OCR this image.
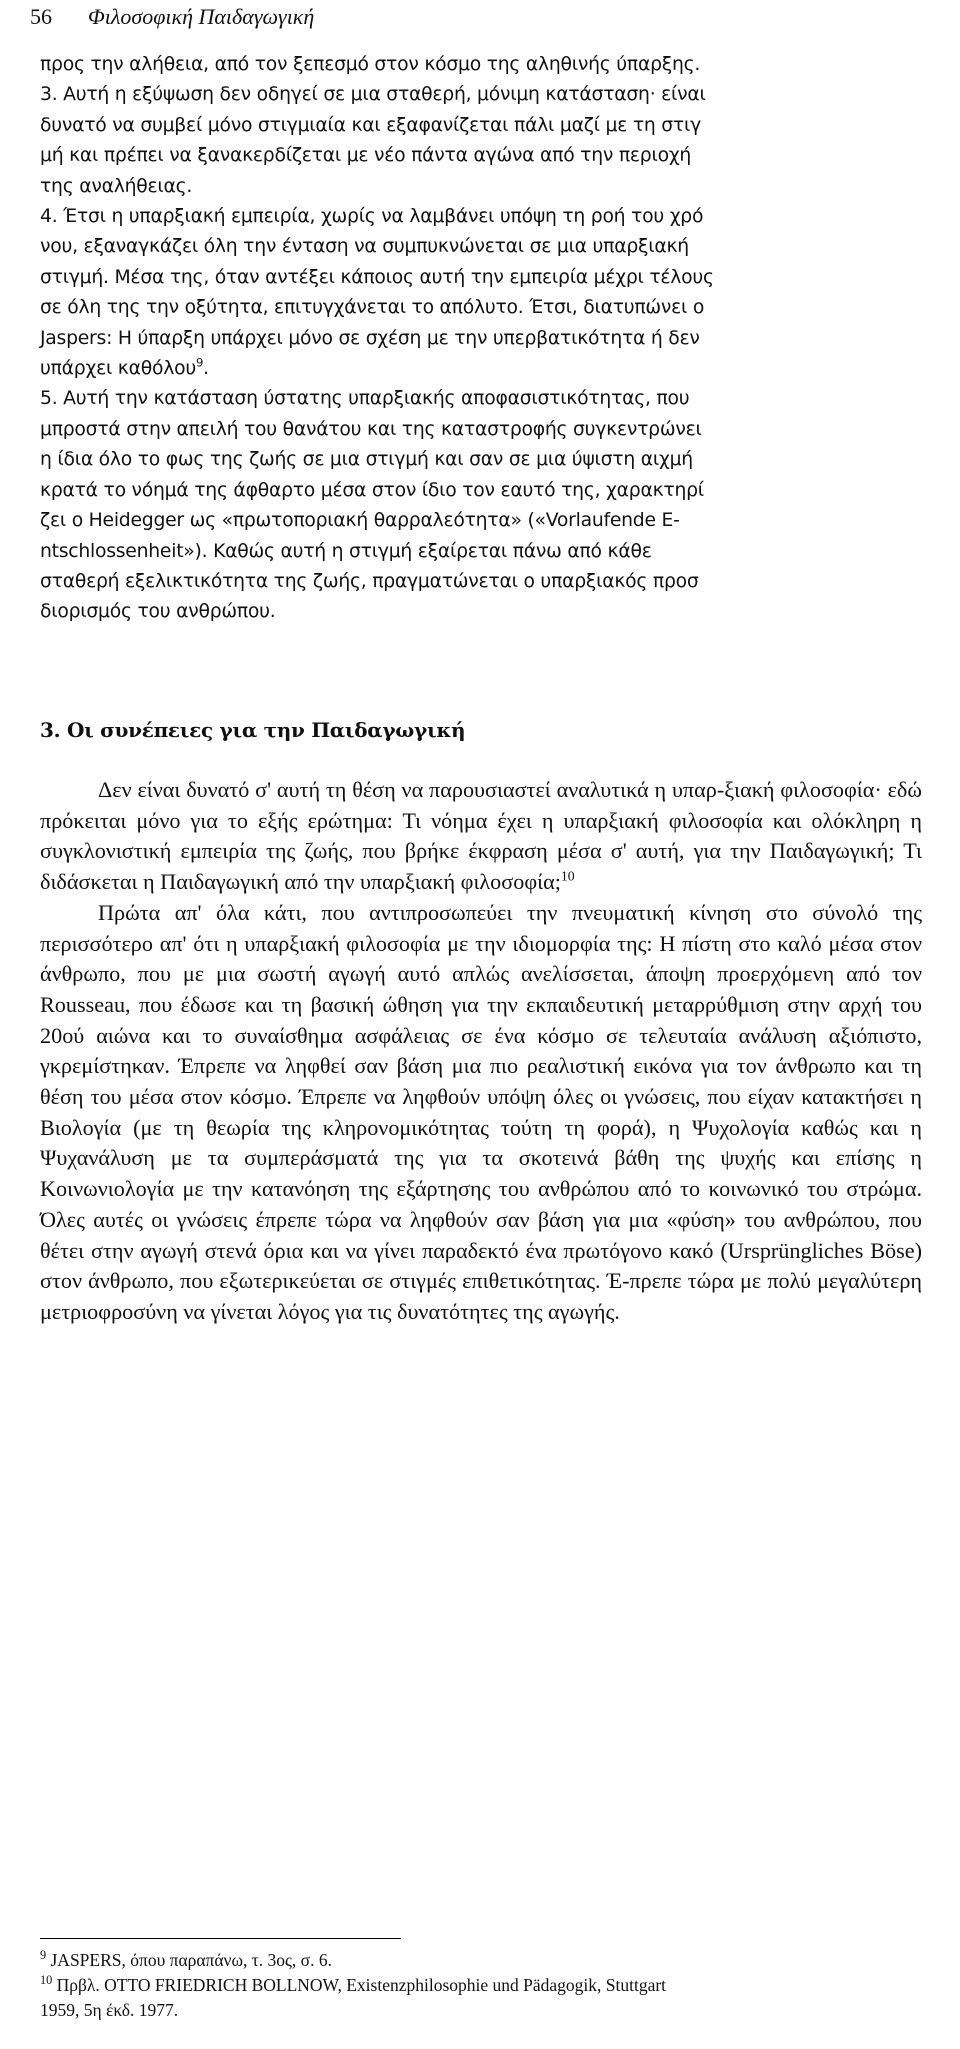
56 Φιλοσοφική Παιδαγωγική

προς την αλήθεια, από τον ξεπεσμό στον κόσμο της αληθινής ύπαρξης.

3. Αυτή η εξύψωση δεν οδηγεί σε μια σταθερή, μόνιμη κατάσταση· είναι

δυνατό να συμβεί μόνο στιγμιαία και εξαφανίζεται πάλι μαζί με τη στιγ

μή και πρέπει να ξανακερδίζεται με νέο πάντα αγώνα από την περιοχή

της αναλήθειας.

4. Έτσι η υπαρξιακή εμπειρία, χωρίς να λαμβάνει υπόψη τη ροή του χρό

νου, εξαναγκάζει όλη την ένταση να συμπυκνώνεται σε μια υπαρξιακή

στιγμή. Μέσα της, όταν αντέξει κάποιος αυτή την εμπειρία μέχρι τέλους

σε όλη της την οξύτητα, επιτυγχάνεται το απόλυτο. Έτσι, διατυπώνει ο

Jaspers: Η ύπαρξη υπάρχει μόνο σε σχέση με την υπερβατικότητα ή δεν

υπάρχει καθόλου$^9$.

5. Αυτή την κατάσταση ύστατης υπαρξιακής αποφασιστικότητας, που

μπροστά στην απειλή του θανάτου και της καταστροφής συγκεντρώνει

η ίδια όλο το φως της ζωής σε μια στιγμή και σαν σε μια ύψιστη αιχμή

κρατά το νόημά της άφθαρτο μέσα στον ίδιο τον εαυτό της, χαρακτηρί

ζει ο Heidegger ως «πρωτοποριακή θαρραλεότητα» («Vorlaufende E-

ntschlossenheit»). Καθώς αυτή η στιγμή εξαίρεται πάνω από κάθε

σταθερή εξελικτικότητα της ζωής, πραγματώνεται ο υπαρξιακός προσ

διορισμός του ανθρώπου.

3. Οι συνέπειες για την Παιδαγωγική

Δεν είναι δυνατό σ' αυτή τη θέση να παρουσιαστεί αναλυτικά η υπαρ-ξιακή φιλοσοφία· εδώ πρόκειται μόνο για το εξής ερώτημα: Τι νόημα έχει η υπαρξιακή φιλοσοφία και ολόκληρη η συγκλονιστική εμπειρία της ζωής, που βρήκε έκφραση μέσα σ' αυτή, για την Παιδαγωγική; Τι διδάσκεται η Παιδαγωγική από την υπαρξιακή φιλοσοφία;$^{10}$

Πρώτα απ' όλα κάτι, που αντιπροσωπεύει την πνευματική κίνηση στο σύνολό της περισσότερο απ' ότι η υπαρξιακή φιλοσοφία με την ιδιομορφία της: Η πίστη στο καλό μέσα στον άνθρωπο, που με μια σωστή αγωγή αυτό απλώς ανελίσσεται, άποψη προερχόμενη από τον Rousseau, που έδωσε και τη βασική ώθηση για την εκπαιδευτική μεταρρύθμιση στην αρχή του 20ού αιώνα και το συναίσθημα ασφάλειας σε ένα κόσμο σε τελευταία ανάλυση αξιόπιστο, γκρεμίστηκαν. Έπρεπε να ληφθεί σαν βάση μια πιο ρεαλιστική εικόνα για τον άνθρωπο και τη θέση του μέσα στον κόσμο. Έπρεπε να ληφθούν υπόψη όλες οι γνώσεις, που είχαν κατακτήσει η Βιολογία (με τη θεωρία της κληρονομικότητας τούτη τη φορά), η Ψυχολογία καθώς και η Ψυχανάλυση με τα συμπεράσματά της για τα σκοτεινά βάθη της ψυχής και επίσης η Κοινωνιολογία με την κατανόηση της εξάρτησης του ανθρώπου από το κοινωνικό του στρώμα. Όλες αυτές οι γνώσεις έπρεπε τώρα να ληφθούν σαν βάση για μια «φύση» του ανθρώπου, που θέτει στην αγωγή στενά όρια και να γίνει παραδεκτό ένα πρωτόγονο κακό (Ursprüngliches Böse) στον άνθρωπο, που εξωτερικεύεται σε στιγμές επιθετικότητας. Έ-πρεπε τώρα με πολύ μεγαλύτερη μετριοφροσύνη να γίνεται λόγος για τις δυνατότητες της αγωγής.

$^9$ JASPERS, όπου παραπάνω, τ. 3ος, σ. 6.

$^{10}$ Πρβλ. OTTO FRIEDRICH BOLLNOW, Existenzphilosophie und Pädagogik, Stuttgart

1959, 5η έκδ. 1977.
